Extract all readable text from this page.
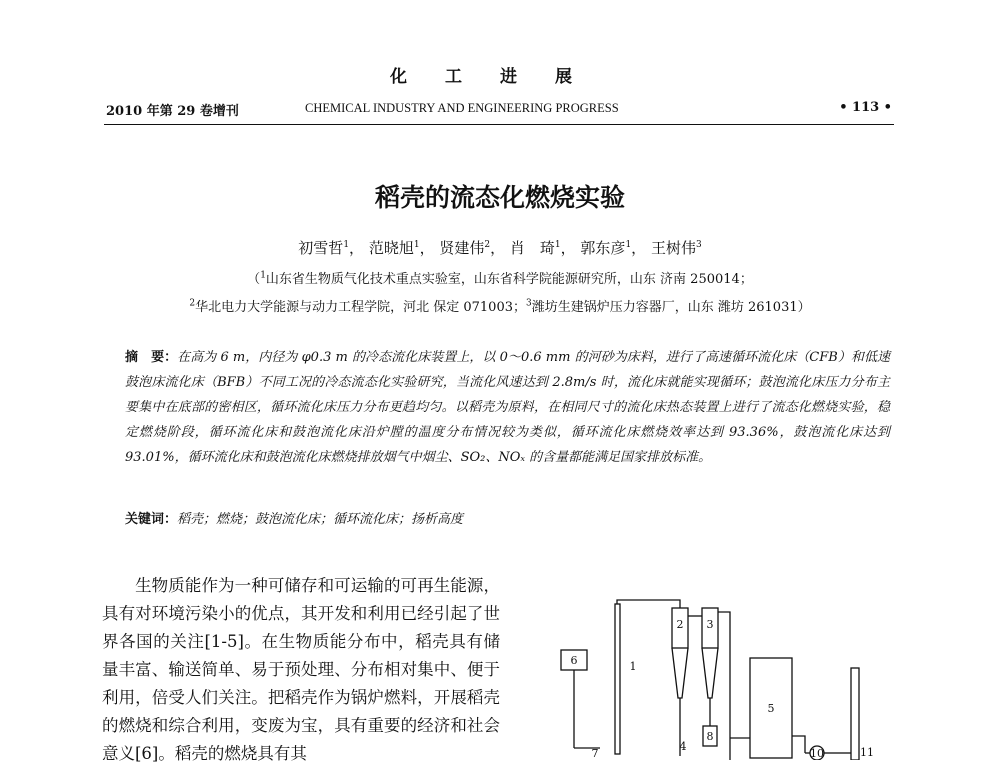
化工进展
2010 年第 29 卷增刊	CHEMICAL INDUSTRY AND ENGINEERING PROGRESS	• 113 •
稻壳的流态化燃烧实验
初雪哲$^1$， 范晓旭$^1$， 贤建伟$^2$， 肖　琦$^1$， 郭东彦$^1$， 王树伟$^3$
（$^1$山东省生物质气化技术重点实验室，山东省科学院能源研究所，山东 济南 250014；
$^2$华北电力大学能源与动力工程学院，河北 保定 071003；$^3$潍坊生建锅炉压力容器厂，山东 潍坊 261031）
摘　要：在高为 6 m，内径为 φ0.3 m 的冷态流化床装置上，以 0～0.6 mm 的河砂为床料，进行了高速循环流化床（CFB）和低速鼓泡床流化床（BFB）不同工况的冷态流态化实验研究，当流化风速达到 2.8m/s 时，流化床就能实现循环；鼓泡流化床压力分布主要集中在底部的密相区，循环流化床压力分布更趋均匀。以稻壳为原料，在相同尺寸的流化床热态装置上进行了流态化燃烧实验，稳定燃烧阶段，循环流化床和鼓泡流化床沿炉膛的温度分布情况较为类似，循环流化床燃烧效率达到 93.36%，鼓泡流化床达到 93.01%，循环流化床和鼓泡流化床燃烧排放烟气中烟尘、SO₂、NOₓ 的含量都能满足国家排放标准。
关键词：稻壳；燃烧；鼓泡流化床；循环流化床；扬析高度
生物质能作为一种可储存和可运输的可再生能源，具有对环境污染小的优点，其开发和利用已经引起了世界各国的关注[1-5]。在生物质能分布中，稻壳具有储量丰富、输送简单、易于预处理、分布相对集中、便于利用，倍受人们关注。把稻壳作为锅炉燃料，开展稻壳的燃烧和综合利用，变废为宝，具有重要的经济和社会意义[6]。稻壳的燃烧具有其
1
2 3
4
5
6
7
8
10	11
